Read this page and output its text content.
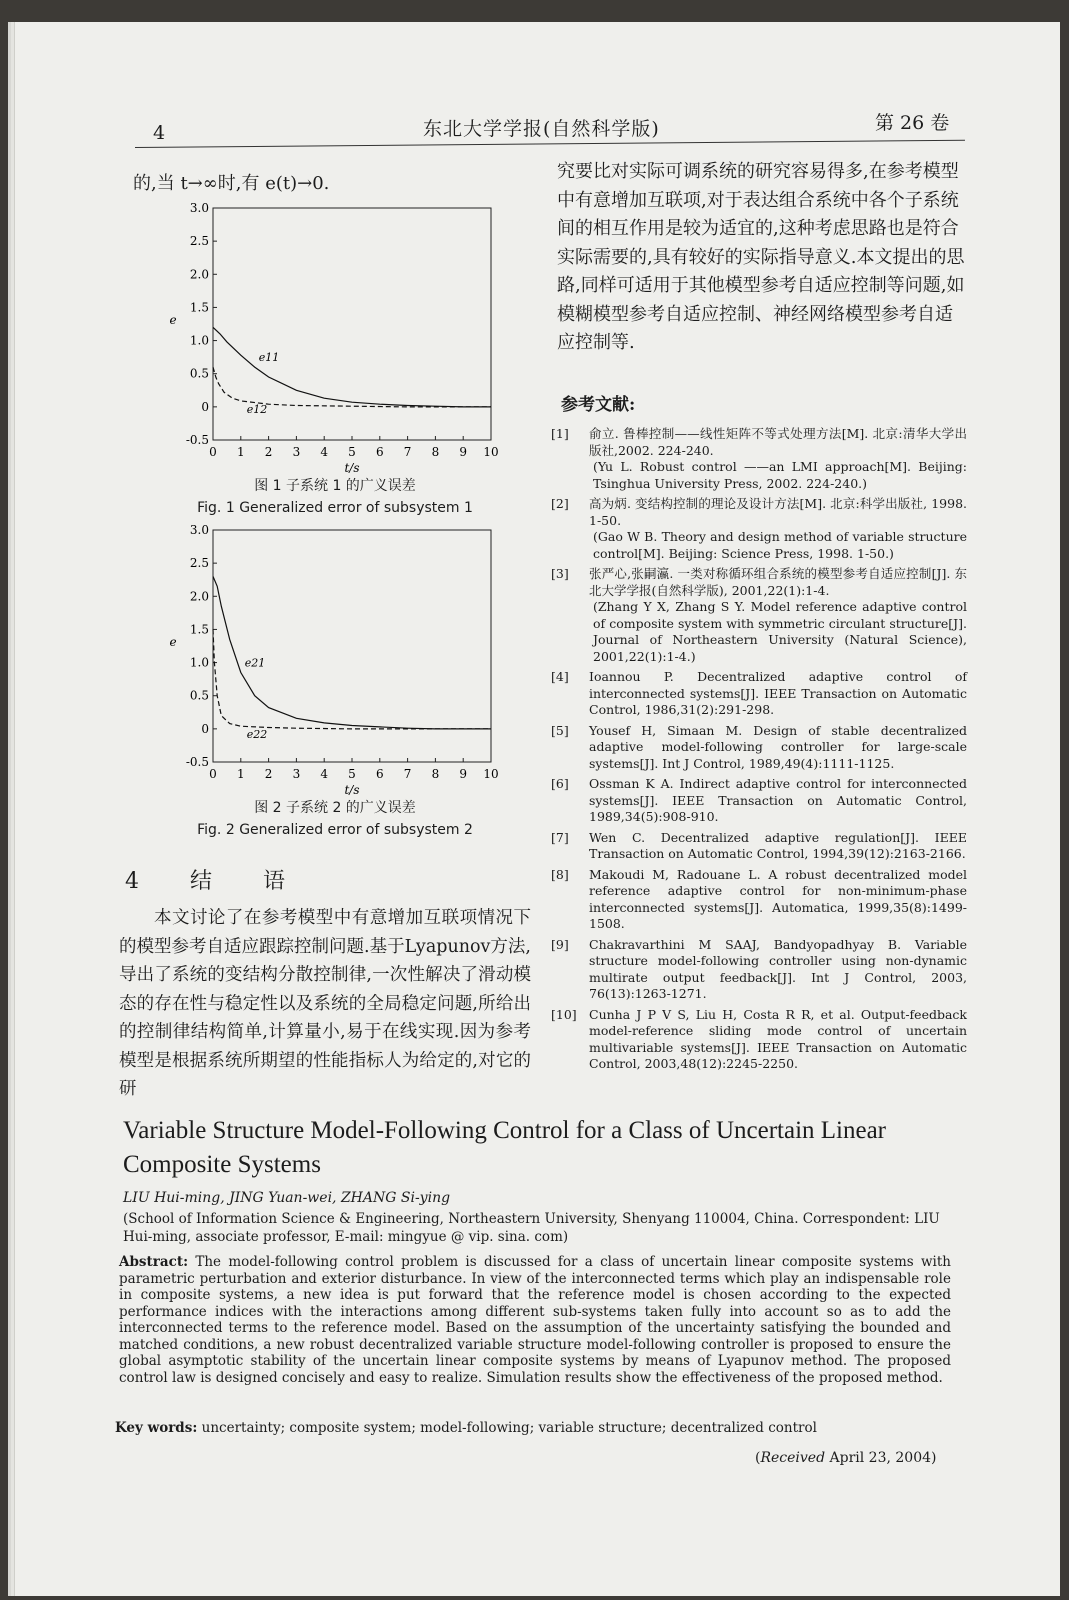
4	东北大学学报(自然科学版)	第 26 卷
的,当 t→∞时,有 e(t)→0.
-0.5
0
0.5
1.0
1.5
2.0
2.5
3.0
0 1 2 3 4 5 6 7 8 9 10
t/s
e
e11
e12
图 1 子系统 1 的广义误差
Fig. 1 Generalized error of subsystem 1
-0.5
0
0.5
1.0
1.5
2.0
2.5
3.0
0 1 2 3 4 5 6 7 8 9 10
t/s
e
e21
e22
图 2 子系统 2 的广义误差
Fig. 2 Generalized error of subsystem 2
4 结 语

本文讨论了在参考模型中有意增加互联项情况下的模型参考自适应跟踪控制问题.基于Lyapunov方法,导出了系统的变结构分散控制律,一次性解决了滑动模态的存在性与稳定性以及系统的全局稳定问题,所给出的控制律结构简单,计算量小,易于在线实现.因为参考模型是根据系统所期望的性能指标人为给定的,对它的研

究要比对实际可调系统的研究容易得多,在参考模型中有意增加互联项,对于表达组合系统中各个子系统间的相互作用是较为适宜的,这种考虑思路也是符合实际需要的,具有较好的实际指导意义.本文提出的思路,同样可适用于其他模型参考自适应控制等问题,如模糊模型参考自适应控制、神经网络模型参考自适应控制等.
参考文献:
[1]	俞立. 鲁棒控制——线性矩阵不等式处理方法[M]. 北京:清华大学出版社,2002. 224-240.
(Yu L. Robust control ——an LMI approach[M]. Beijing: Tsinghua University Press, 2002. 224-240.)
[2]	高为炳. 变结构控制的理论及设计方法[M]. 北京:科学出版社, 1998. 1-50.
(Gao W B. Theory and design method of variable structure control[M]. Beijing: Science Press, 1998. 1-50.)
[3]	张严心,张嗣瀛. 一类对称循环组合系统的模型参考自适应控制[J]. 东北大学学报(自然科学版), 2001,22(1):1-4.
(Zhang Y X, Zhang S Y. Model reference adaptive control of composite system with symmetric circulant structure[J]. Journal of Northeastern University (Natural Science), 2001,22(1):1-4.)
[4]	Ioannou P. Decentralized adaptive control of interconnected systems[J]. IEEE Transaction on Automatic Control, 1986,31(2):291-298.
[5]	Yousef H, Simaan M. Design of stable decentralized adaptive model-following controller for large-scale systems[J]. Int J Control, 1989,49(4):1111-1125.
[6]	Ossman K A. Indirect adaptive control for interconnected systems[J]. IEEE Transaction on Automatic Control, 1989,34(5):908-910.
[7]	Wen C. Decentralized adaptive regulation[J]. IEEE Transaction on Automatic Control, 1994,39(12):2163-2166.
[8]	Makoudi M, Radouane L. A robust decentralized model reference adaptive control for non-minimum-phase interconnected systems[J]. Automatica, 1999,35(8):1499-1508.
[9]	Chakravarthini M SAAJ, Bandyopadhyay B. Variable structure model-following controller using non-dynamic multirate output feedback[J]. Int J Control, 2003, 76(13):1263-1271.
[10] Cunha J P V S, Liu H, Costa R R, et al. Output-feedback model-reference sliding mode control of uncertain multivariable systems[J]. IEEE Transaction on Automatic Control, 2003,48(12):2245-2250.
Variable Structure Model-Following Control for a Class of Uncertain Linear Composite Systems
LIU Hui-ming, JING Yuan-wei, ZHANG Si-ying
(School of Information Science & Engineering, Northeastern University, Shenyang 110004, China. Correspondent: LIU Hui-ming, associate professor, E-mail: mingyue @ vip. sina. com)
Abstract: The model-following control problem is discussed for a class of uncertain linear composite systems with parametric perturbation and exterior disturbance. In view of the interconnected terms which play an indispensable role in composite systems, a new idea is put forward that the reference model is chosen according to the expected performance indices with the interactions among different sub-systems taken fully into account so as to add the interconnected terms to the reference model. Based on the assumption of the uncertainty satisfying the bounded and matched conditions, a new robust decentralized variable structure model-following controller is proposed to ensure the global asymptotic stability of the uncertain linear composite systems by means of Lyapunov method. The proposed control law is designed concisely and easy to realize. Simulation results show the effectiveness of the proposed method.
Key words: uncertainty; composite system; model-following; variable structure; decentralized control
(Received April 23, 2004)
